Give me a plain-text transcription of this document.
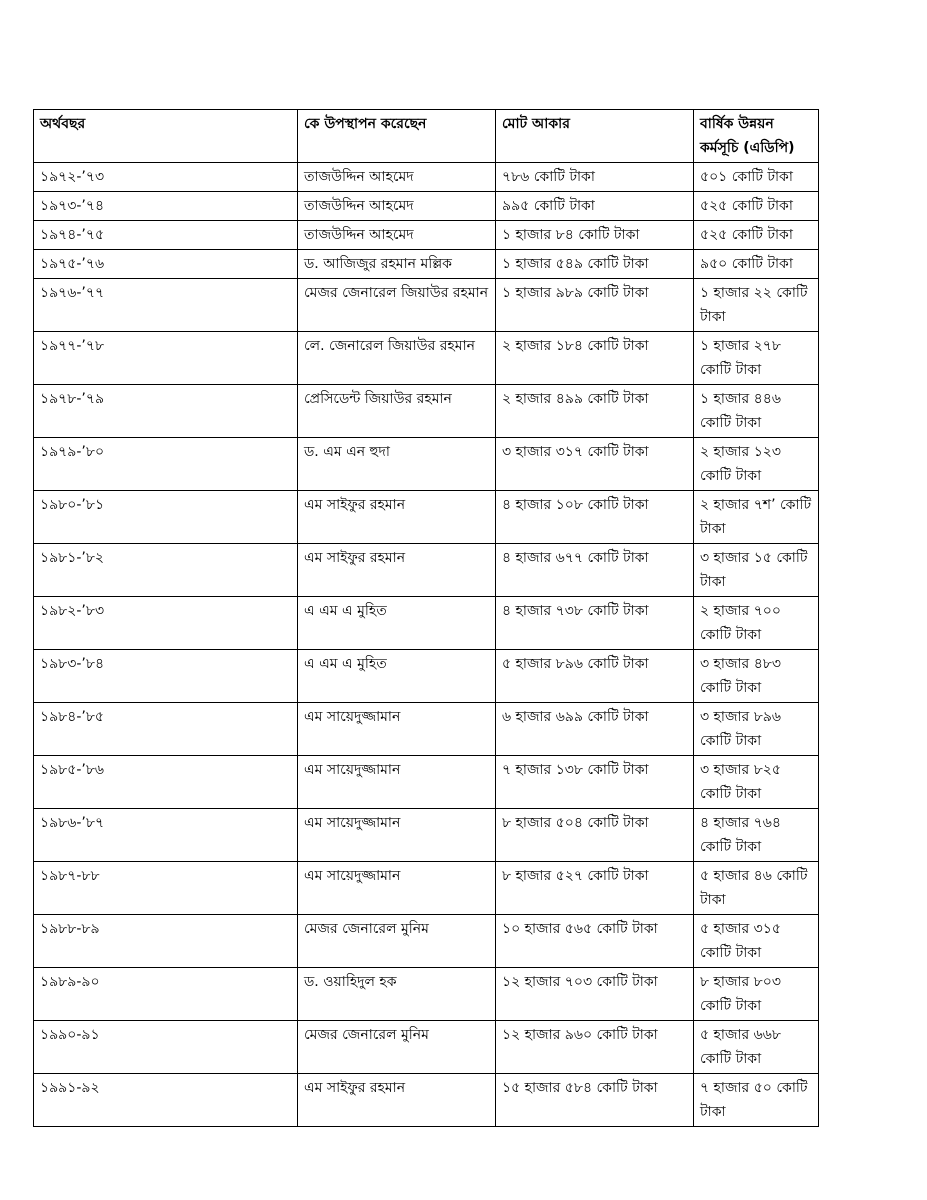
অর্থবছর	কে উপস্থাপন করেছেন	মোট আকার	বার্ষিক উন্নয়ন কর্মসূচি (এডিপি)
১৯৭২-’৭৩	তাজউদ্দিন আহমেদ	৭৮৬ কোটি টাকা	৫০১ কোটি টাকা
১৯৭৩-’৭৪	তাজউদ্দিন আহমেদ	৯৯৫ কোটি টাকা	৫২৫ কোটি টাকা
১৯৭৪-’৭৫	তাজউদ্দিন আহমেদ	১ হাজার ৮৪ কোটি টাকা	৫২৫ কোটি টাকা
১৯৭৫-’৭৬	ড. আজিজুর রহমান মল্লিক	১ হাজার ৫৪৯ কোটি টাকা	৯৫০ কোটি টাকা
১৯৭৬-’৭৭	মেজর জেনারেল জিয়াউর রহমান	১ হাজার ৯৮৯ কোটি টাকা	১ হাজার ২২ কোটি টাকা
১৯৭৭-’৭৮	লে. জেনারেল জিয়াউর রহমান	২ হাজার ১৮৪ কোটি টাকা	১ হাজার ২৭৮ কোটি টাকা
১৯৭৮-’৭৯	প্রেসিডেন্ট জিয়াউর রহমান	২ হাজার ৪৯৯ কোটি টাকা	১ হাজার ৪৪৬ কোটি টাকা
১৯৭৯-’৮০	ড. এম এন হুদা	৩ হাজার ৩১৭ কোটি টাকা	২ হাজার ১২৩ কোটি টাকা
১৯৮০-’৮১	এম সাইফুর রহমান	৪ হাজার ১০৮ কোটি টাকা	২ হাজার ৭শ’ কোটি টাকা
১৯৮১-’৮২	এম সাইফুর রহমান	৪ হাজার ৬৭৭ কোটি টাকা	৩ হাজার ১৫ কোটি টাকা
১৯৮২-’৮৩	এ এম এ মুহিত	৪ হাজার ৭৩৮ কোটি টাকা	২ হাজার ৭০০ কোটি টাকা
১৯৮৩-’৮৪	এ এম এ মুহিত	৫ হাজার ৮৯৬ কোটি টাকা	৩ হাজার ৪৮৩ কোটি টাকা
১৯৮৪-’৮৫	এম সায়েদুজ্জামান	৬ হাজার ৬৯৯ কোটি টাকা	৩ হাজার ৮৯৬ কোটি টাকা
১৯৮৫-’৮৬	এম সায়েদুজ্জামান	৭ হাজার ১৩৮ কোটি টাকা	৩ হাজার ৮২৫ কোটি টাকা
১৯৮৬-’৮৭	এম সায়েদুজ্জামান	৮ হাজার ৫০৪ কোটি টাকা	৪ হাজার ৭৬৪ কোটি টাকা
১৯৮৭-৮৮	এম সায়েদুজ্জামান	৮ হাজার ৫২৭ কোটি টাকা	৫ হাজার ৪৬ কোটি টাকা
১৯৮৮-৮৯	মেজর জেনারেল মুনিম	১০ হাজার ৫৬৫ কোটি টাকা	৫ হাজার ৩১৫ কোটি টাকা
১৯৮৯-৯০	ড. ওয়াহিদুল হক	১২ হাজার ৭০৩ কোটি টাকা	৮ হাজার ৮০৩ কোটি টাকা
১৯৯০-৯১	মেজর জেনারেল মুনিম	১২ হাজার ৯৬০ কোটি টাকা	৫ হাজার ৬৬৮ কোটি টাকা
১৯৯১-৯২	এম সাইফুর রহমান	১৫ হাজার ৫৮৪ কোটি টাকা	৭ হাজার ৫০ কোটি টাকা
